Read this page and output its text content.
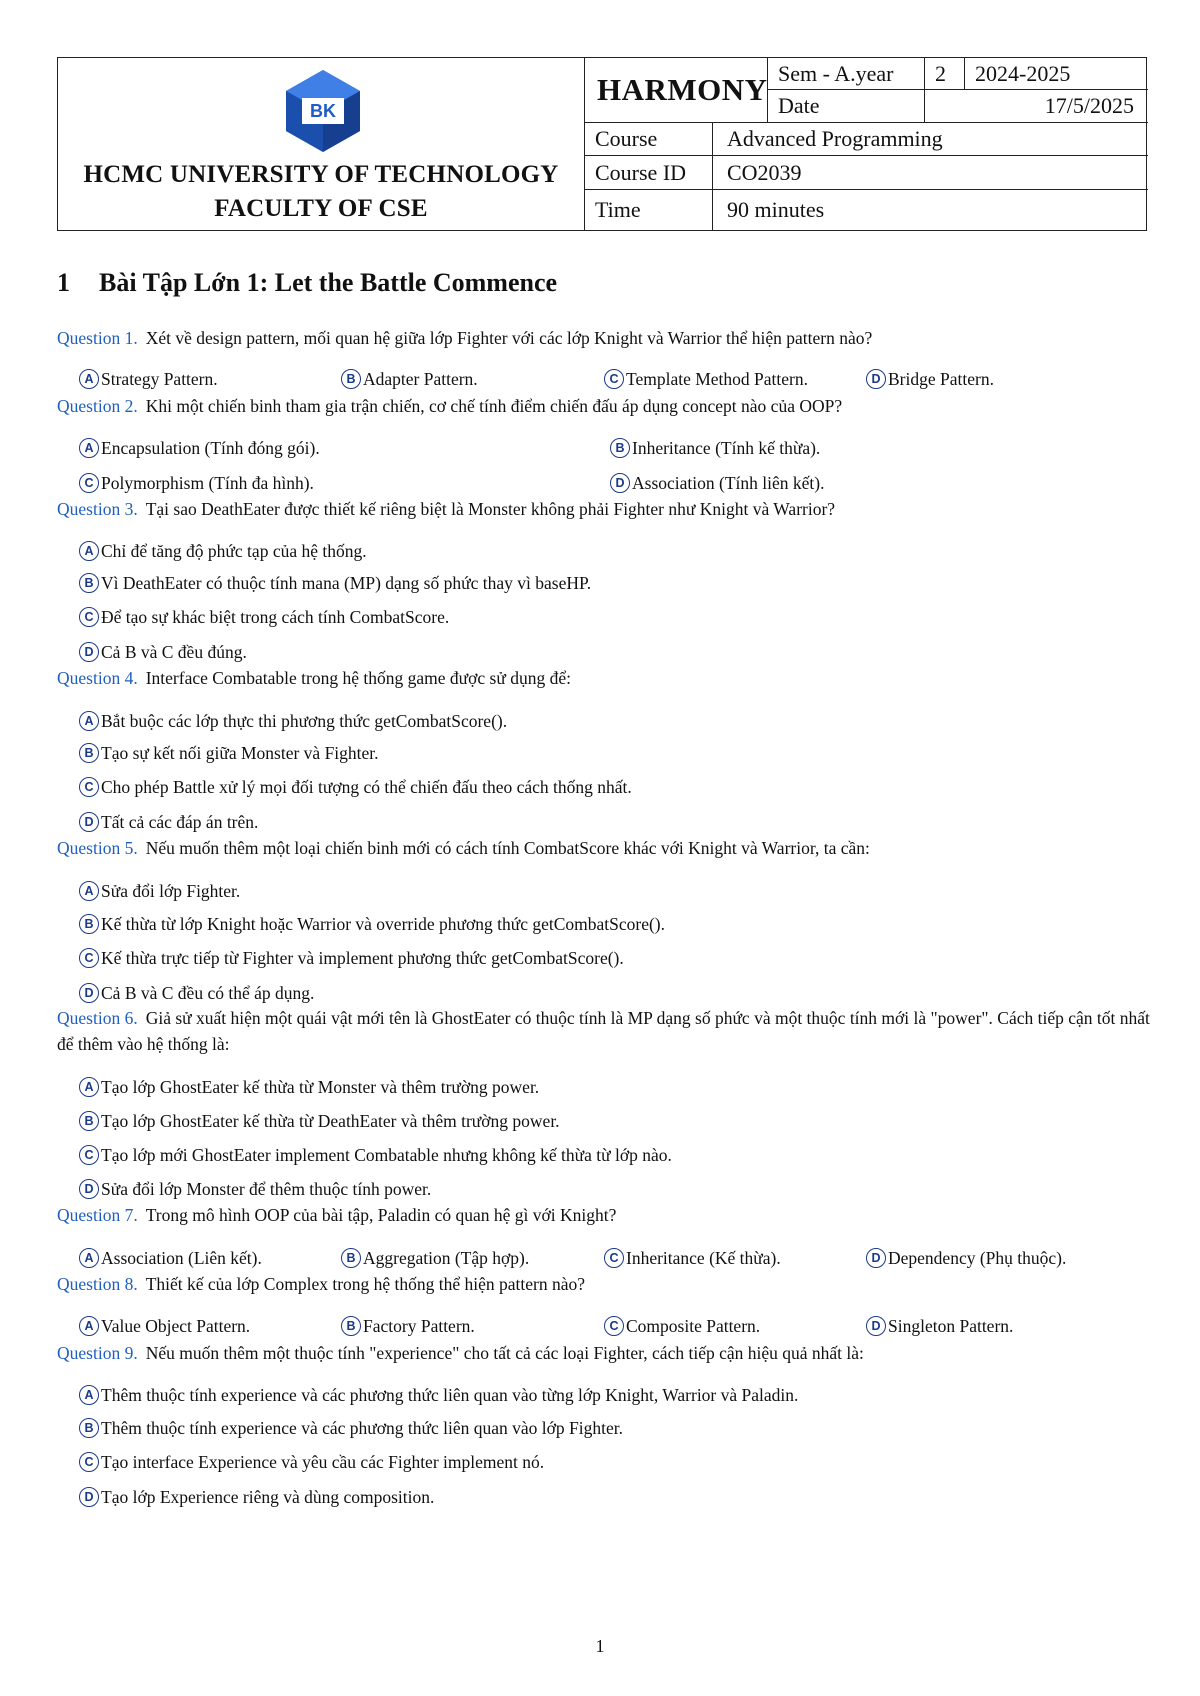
BK
HCMC UNIVERSITY OF TECHNOLOGY
FACULTY OF CSE
HARMONY Sem - A.year	2	2024-2025
Date	17/5/2025
Course	Advanced Programming
Course ID	CO2039
Time	90 minutes
1 Bài Tập Lớn 1: Let the Battle Commence
Question 1. Xét về design pattern, mối quan hệ giữa lớp Fighter với các lớp Knight và Warrior thể hiện pattern nào?
A Strategy Pattern.	B Adapter Pattern.	C Template Method Pattern.	D Bridge Pattern.
Question 2. Khi một chiến binh tham gia trận chiến, cơ chế tính điểm chiến đấu áp dụng concept nào của OOP?
A Encapsulation (Tính đóng gói).	B Inheritance (Tính kế thừa).
C Polymorphism (Tính đa hình).	D Association (Tính liên kết).
Question 3. Tại sao DeathEater được thiết kế riêng biệt là Monster không phải Fighter như Knight và Warrior?
A Chỉ để tăng độ phức tạp của hệ thống.
B Vì DeathEater có thuộc tính mana (MP) dạng số phức thay vì baseHP.
C Để tạo sự khác biệt trong cách tính CombatScore.
D Cả B và C đều đúng.
Question 4. Interface Combatable trong hệ thống game được sử dụng để:
A Bắt buộc các lớp thực thi phương thức getCombatScore().
B Tạo sự kết nối giữa Monster và Fighter.
C Cho phép Battle xử lý mọi đối tượng có thể chiến đấu theo cách thống nhất.
D Tất cả các đáp án trên.
Question 5. Nếu muốn thêm một loại chiến binh mới có cách tính CombatScore khác với Knight và Warrior, ta cần:
A Sửa đổi lớp Fighter.
B Kế thừa từ lớp Knight hoặc Warrior và override phương thức getCombatScore().
C Kế thừa trực tiếp từ Fighter và implement phương thức getCombatScore().
D Cả B và C đều có thể áp dụng.
Question 6. Giả sử xuất hiện một quái vật mới tên là GhostEater có thuộc tính là MP dạng số phức và một thuộc tính mới là "power". Cách tiếp cận tốt nhất để thêm vào hệ thống là:
A Tạo lớp GhostEater kế thừa từ Monster và thêm trường power.
B Tạo lớp GhostEater kế thừa từ DeathEater và thêm trường power.
C Tạo lớp mới GhostEater implement Combatable nhưng không kế thừa từ lớp nào.
D Sửa đổi lớp Monster để thêm thuộc tính power.
Question 7. Trong mô hình OOP của bài tập, Paladin có quan hệ gì với Knight?
A Association (Liên kết).	B Aggregation (Tập hợp).	C Inheritance (Kế thừa).	D Dependency (Phụ thuộc).
Question 8. Thiết kế của lớp Complex trong hệ thống thể hiện pattern nào?
A Value Object Pattern.	B Factory Pattern.	C Composite Pattern.	D Singleton Pattern.
Question 9. Nếu muốn thêm một thuộc tính "experience" cho tất cả các loại Fighter, cách tiếp cận hiệu quả nhất là:
A Thêm thuộc tính experience và các phương thức liên quan vào từng lớp Knight, Warrior và Paladin.
B Thêm thuộc tính experience và các phương thức liên quan vào lớp Fighter.
C Tạo interface Experience và yêu cầu các Fighter implement nó.
D Tạo lớp Experience riêng và dùng composition.
1
